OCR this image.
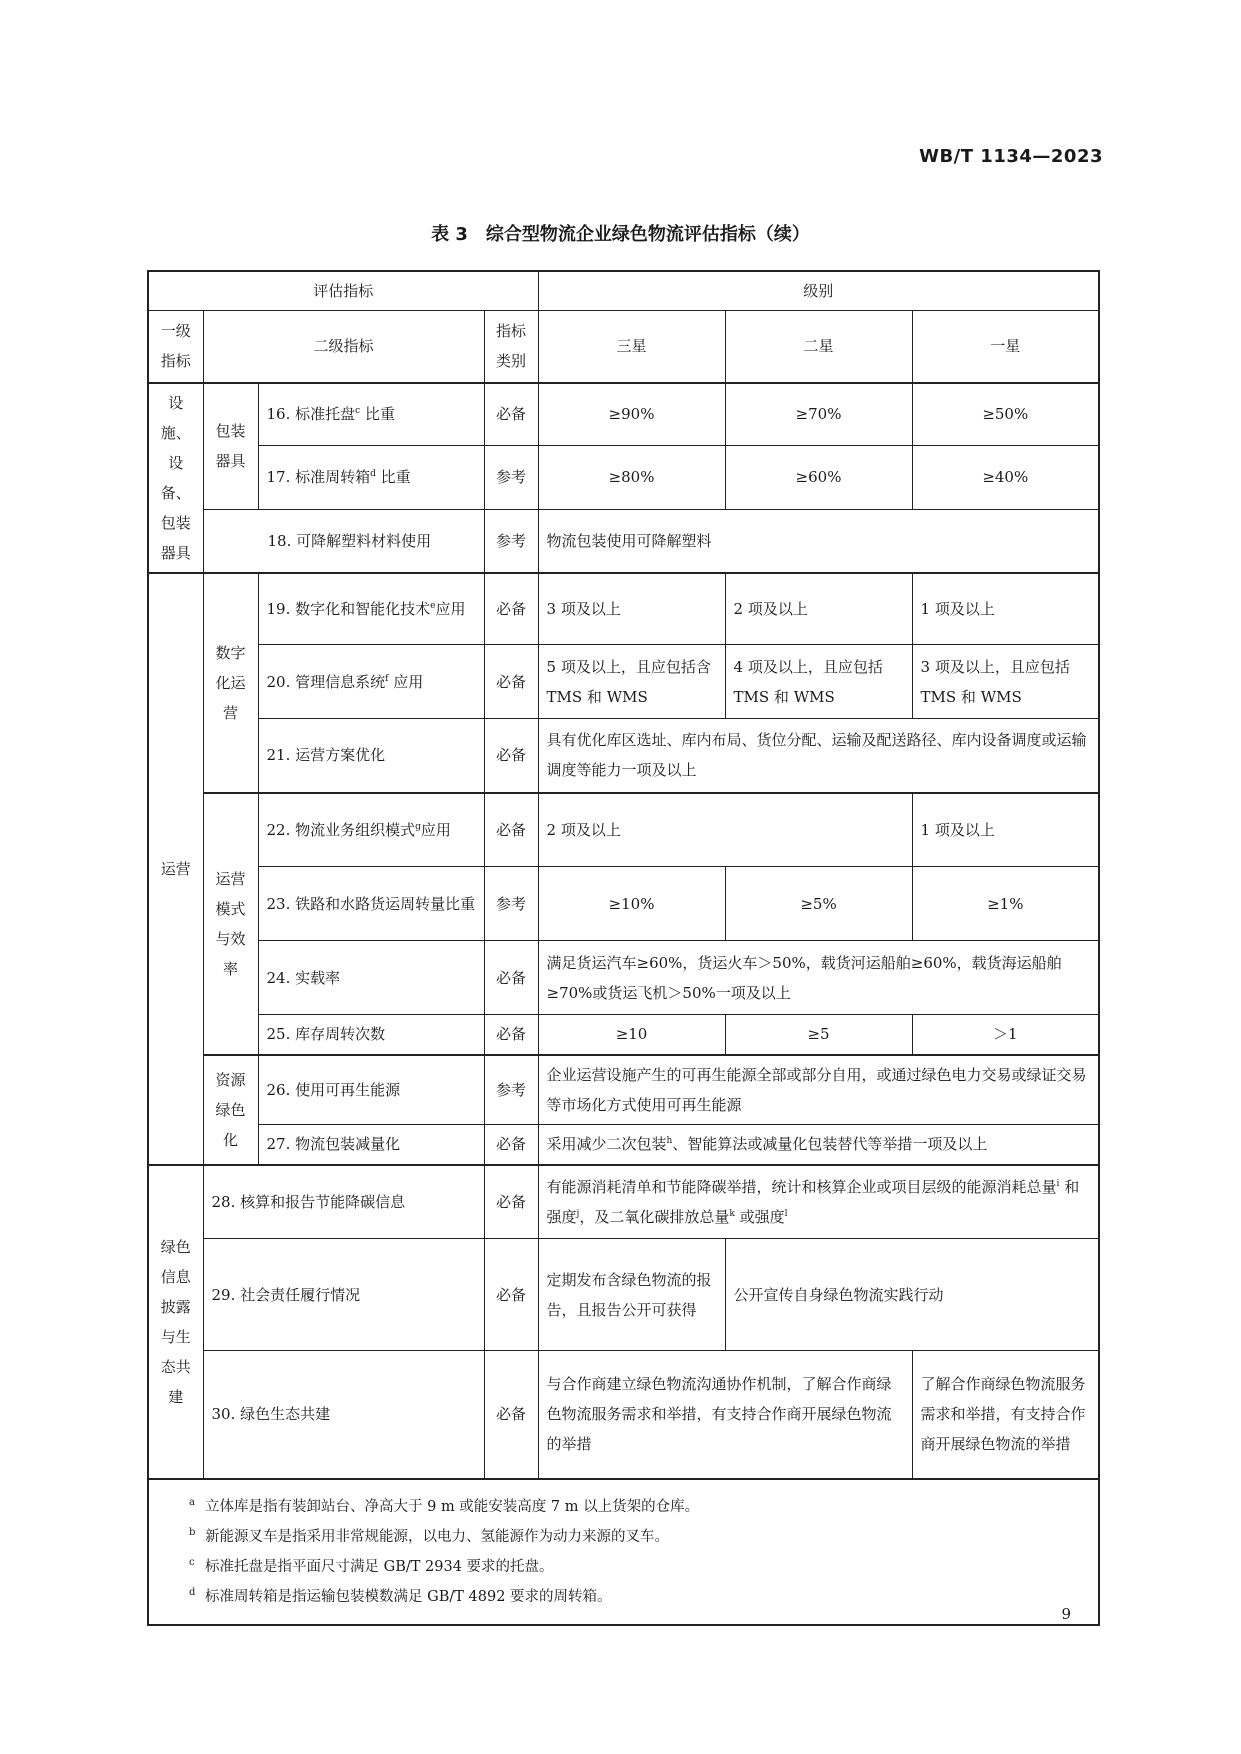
WB/T 1134—2023
表 3　综合型物流企业绿色物流评估指标（续）
评估指标				级别		
一级指标	二级指标		指标类别	三星	二星	一星
设施、设备、包装器具	包装器具	16. 标准托盘$^c$ 比重	必备	≥90%	≥70%	≥50%
		17. 标准周转箱$^d$ 比重	参考	≥80%	≥60%	≥40%
	18. 可降解塑料材料使用		参考	物流包装使用可降解塑料		
运营	数字化运营	19. 数字化和智能化技术$^e$应用	必备	3 项及以上	2 项及以上	1 项及以上
		20. 管理信息系统$^f$ 应用	必备	5 项及以上，且应包括含 TMS 和 WMS	4 项及以上，且应包括 TMS 和 WMS	3 项及以上，且应包括 TMS 和 WMS
		21. 运营方案优化	必备	具有优化库区选址、库内布局、货位分配、运输及配送路径、库内设备调度或运输调度等能力一项及以上		
	运营模式与效率	22. 物流业务组织模式$^g$应用	必备	2 项及以上		1 项及以上
		23. 铁路和水路货运周转量比重	参考	≥10%	≥5%	≥1%
		24. 实载率	必备	满足货运汽车≥60%，货运火车＞50%，载货河运船舶≥60%，载货海运船舶≥70%或货运飞机＞50%一项及以上		
		25. 库存周转次数	必备	≥10	≥5	＞1
	资源绿色化	26. 使用可再生能源	参考	企业运营设施产生的可再生能源全部或部分自用，或通过绿色电力交易或绿证交易等市场化方式使用可再生能源		
		27. 物流包装减量化	必备	采用减少二次包装$^h$、智能算法或减量化包装替代等举措一项及以上		
绿色信息披露与生态共建	28. 核算和报告节能降碳信息		必备	有能源消耗清单和节能降碳举措，统计和核算企业或项目层级的能源消耗总量$^i$ 和强度$^j$，及二氧化碳排放总量$^k$ 或强度$^l$
	29. 社会责任履行情况		必备	定期发布含绿色物流的报告，且报告公开可获得	公开宣传自身绿色物流实践行动	
	30. 绿色生态共建		必备	与合作商建立绿色物流沟通协作机制，了解合作商绿色物流服务需求和举措，有支持合作商开展绿色物流的举措		了解合作商绿色物流服务需求和举措，有支持合作商开展绿色物流的举措

a 立体库是指有装卸站台、净高大于 9 m 或能安装高度 7 m 以上货架的仓库。
b 新能源叉车是指采用非常规能源，以电力、氢能源作为动力来源的叉车。
c 标准托盘是指平面尺寸满足 GB/T 2934 要求的托盘。
d 标准周转箱是指运输包装模数满足 GB/T 4892 要求的周转箱。						
9
